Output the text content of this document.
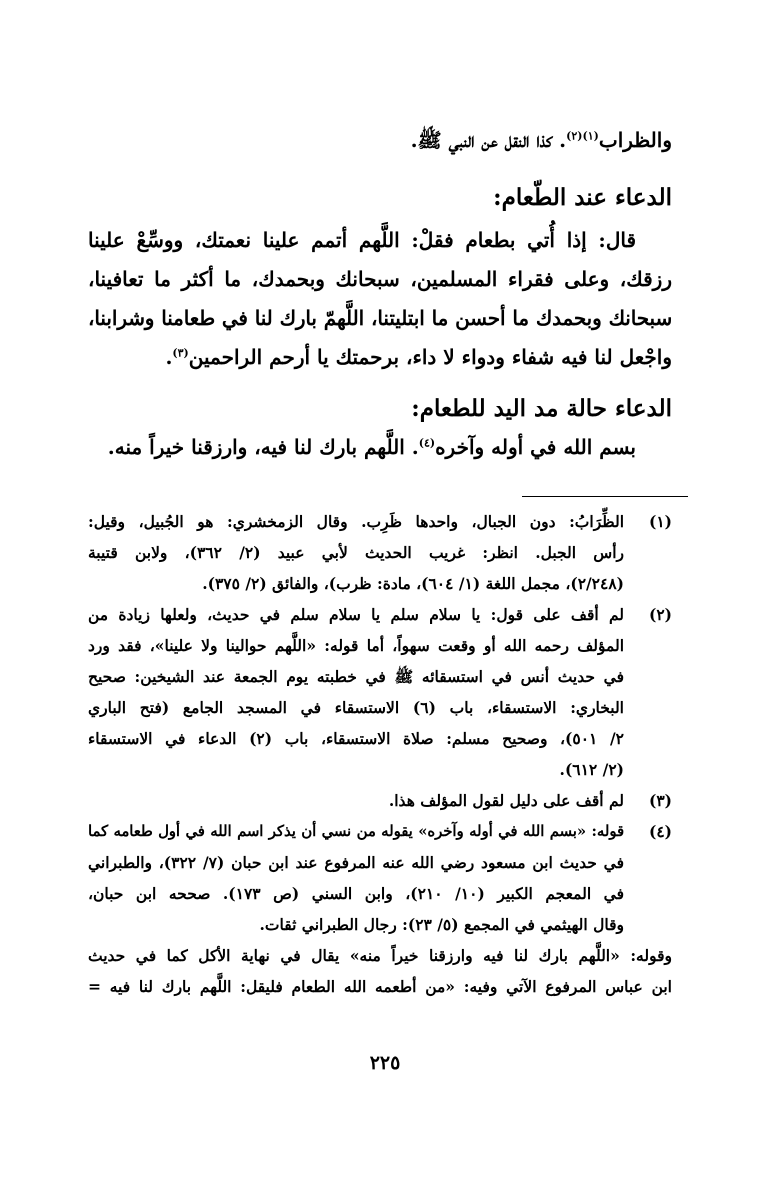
والظراب$^{(١)(٢)}$. كذا النقل عن النبي ﷺ.
الدعاء عند الطّعام:
قال: إذا أُتي بطعام فقلْ: اللَّهم أتمم علينا نعمتك، ووسِّعْ علينا
رزقك، وعلى فقراء المسلمين، سبحانك وبحمدك، ما أكثر ما تعافينا،
سبحانك وبحمدك ما أحسن ما ابتليتنا، اللَّهمّ بارك لنا في طعامنا وشرابنا،
واجْعل لنا فيه شفاء ودواء لا داء، برحمتك يا أرحم الراحمين$^{(٣)}$.
الدعاء حالة مد اليد للطعام:
بسم الله في أوله وآخره$^{(٤)}$. اللَّهم بارك لنا فيه، وارزقنا خيراً منه.
(١)
الظِّرَابُ: دون الجبال، واحدها ظَرِب. وقال الزمخشري: هو الجُبيل، وقيل:
رأس الجبل. انظر: غريب الحديث لأبي عبيد (٢/ ٣٦٢)، ولابن قتيبة
(٢/٢٤٨)، مجمل اللغة (١/ ٦٠٤)، مادة: ظرب)، والفائق (٢/ ٣٧٥).
(٢)
لم أقف على قول: يا سلام سلم يا سلام سلم في حديث، ولعلها زيادة من
المؤلف رحمه الله أو وقعت سهواً، أما قوله: «اللَّهم حوالينا ولا علينا»، فقد ورد
في حديث أنس في استسقائه ﷺ في خطبته يوم الجمعة عند الشيخين: صحيح
البخاري: الاستسقاء، باب (٦) الاستسقاء في المسجد الجامع (فتح الباري
٢/ ٥٠١)، وصحيح مسلم: صلاة الاستسقاء، باب (٢) الدعاء في الاستسقاء
(٢/ ٦١٢).
(٣)
لم أقف على دليل لقول المؤلف هذا.
(٤)
قوله: «بسم الله في أوله وآخره» يقوله من نسي أن يذكر اسم الله في أول طعامه كما
في حديث ابن مسعود رضي الله عنه المرفوع عند ابن حبان (٧/ ٣٢٢)، والطبراني
في المعجم الكبير (١٠/ ٢١٠)، وابن السني (ص ١٧٣). صححه ابن حبان،
وقال الهيثمي في المجمع (٥/ ٢٣): رجال الطبراني ثقات.
وقوله: «اللَّهم بارك لنا فيه وارزقنا خيراً منه» يقال في نهاية الأكل كما في حديث
ابن عباس المرفوع الآتي وفيه: «من أطعمه الله الطعام فليقل: اللَّهم بارك لنا فيه =
٢٢٥
